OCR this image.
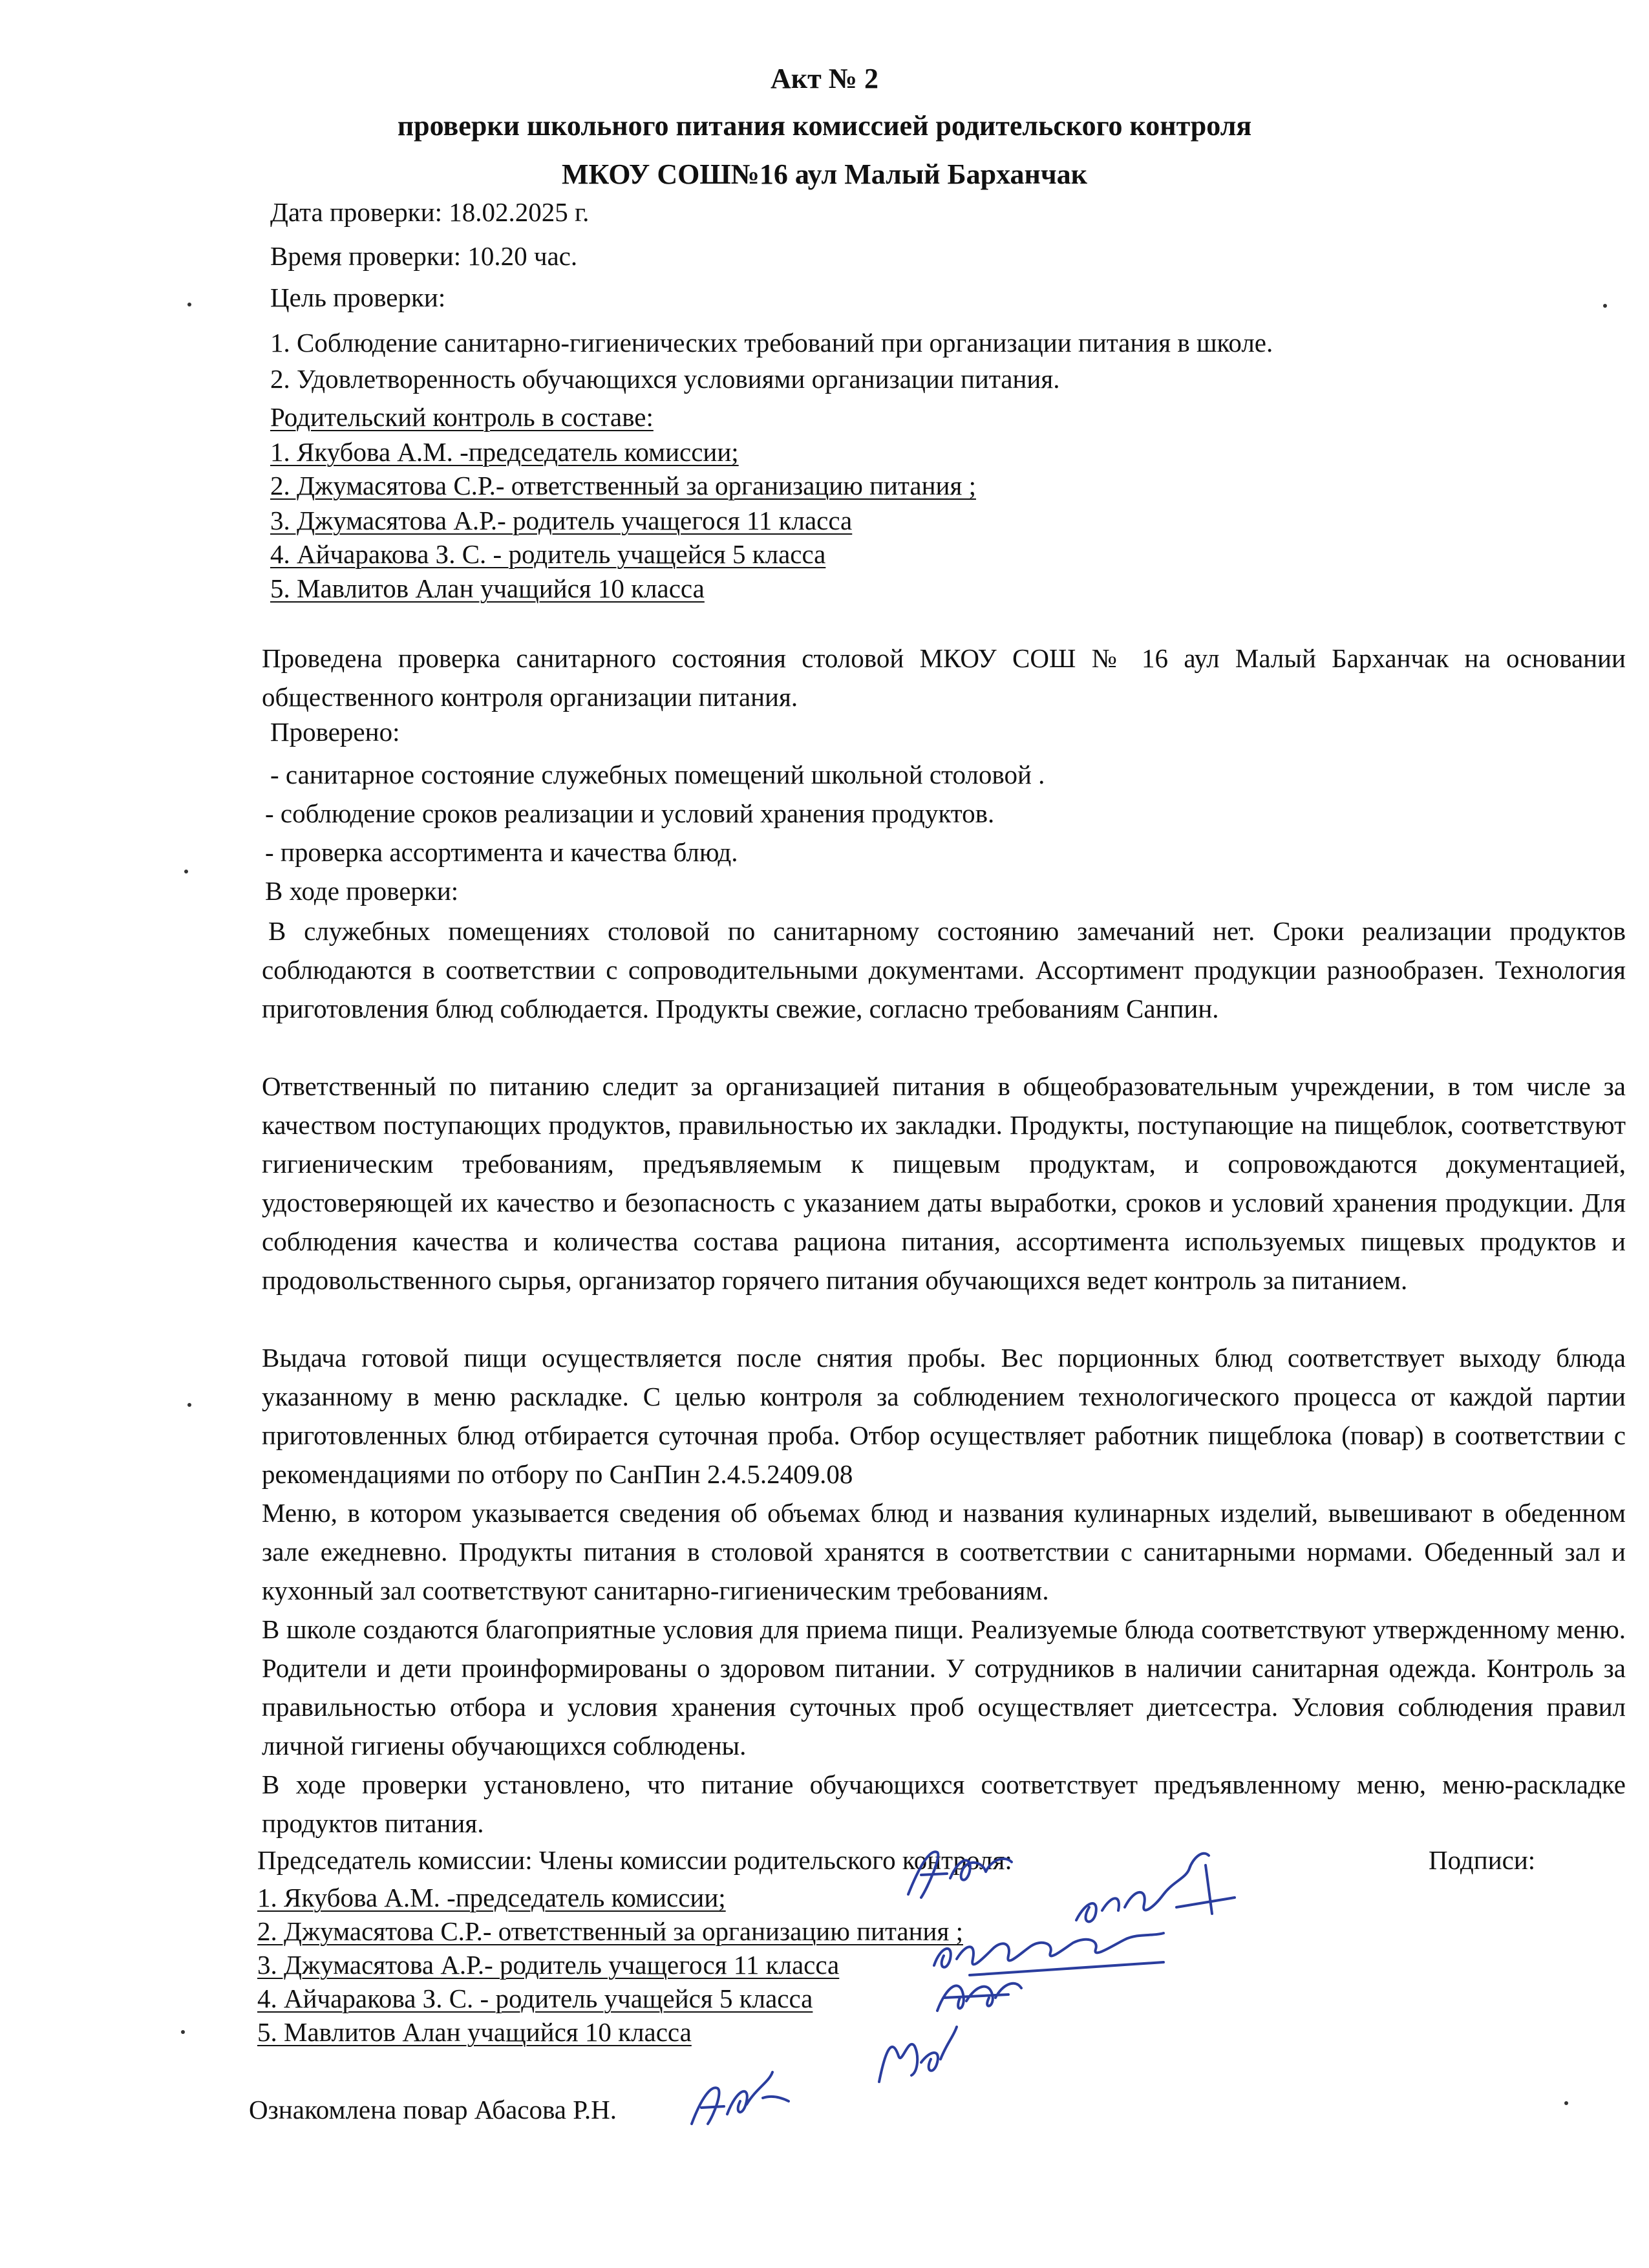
Акт № 2
проверки школьного питания комиссией родительского контроля
МКОУ СОШ№16 аул Малый Барханчак
Дата проверки: 18.02.2025 г.
Время проверки: 10.20 час.
Цель проверки:
1. Соблюдение санитарно-гигиенических требований при организации питания в школе.
2. Удовлетворенность обучающихся условиями организации питания.
Родительский контроль в составе:
1. Якубова А.М. -председатель комиссии;
2. Джумасятова С.Р.- ответственный за организацию питания ;
3. Джумасятова А.Р.- родитель учащегося 11 класса
4. Айчаракова З. С. - родитель учащейся 5 класса
5. Мавлитов Алан учащийся 10 класса
Проведена проверка санитарного состояния столовой МКОУ СОШ № 16 аул Малый Барханчак на основании общественного контроля организации питания.
Проверено:
- санитарное состояние служебных помещений школьной столовой .
- соблюдение сроков реализации и условий хранения продуктов.
- проверка ассортимента и качества блюд.
В ходе проверки:
В служебных помещениях столовой по санитарному состоянию замечаний нет. Сроки реализации продуктов соблюдаются в соответствии с сопроводительными документами. Ассортимент продукции разнообразен. Технология приготовления блюд соблюдается. Продукты свежие, согласно требованиям Санпин.
Ответственный по питанию следит за организацией питания в общеобразовательным учреждении, в том числе за качеством поступающих продуктов, правильностью их закладки. Продукты, поступающие на пищеблок, соответствуют гигиеническим требованиям, предъявляемым к пищевым продуктам, и сопровождаются документацией, удостоверяющей их качество и безопасность с указанием даты выработки, сроков и условий хранения продукции. Для соблюдения качества и количества состава рациона питания, ассортимента используемых пищевых продуктов и продовольственного сырья, организатор горячего питания обучающихся ведет контроль за питанием.
Выдача готовой пищи осуществляется после снятия пробы. Вес порционных блюд соответствует выходу блюда указанному в меню раскладке. С целью контроля за соблюдением технологического процесса от каждой партии приготовленных блюд отбирается суточная проба. Отбор осуществляет работник пищеблока (повар) в соответствии с рекомендациями по отбору по СанПин 2.4.5.2409.08
Меню, в котором указывается сведения об объемах блюд и названия кулинарных изделий, вывешивают в обеденном зале ежедневно. Продукты питания в столовой хранятся в соответствии с санитарными нормами. Обеденный зал и кухонный зал соответствуют санитарно-гигиеническим требованиям.
В школе создаются благоприятные условия для приема пищи. Реализуемые блюда соответствуют утвержденному меню. Родители и дети проинформированы о здоровом питании. У сотрудников в наличии санитарная одежда. Контроль за правильностью отбора и условия хранения суточных проб осуществляет диетсестра. Условия соблюдения правил личной гигиены обучающихся соблюдены.
В ходе проверки установлено, что питание обучающихся соответствует предъявленному меню, меню-раскладке продуктов питания.
Председатель комиссии: Члены комиссии родительского контроля:	Подписи:
1. Якубова А.М. -председатель комиссии;
2. Джумасятова С.Р.- ответственный за организацию питания ;
3. Джумасятова А.Р.- родитель учащегося 11 класса
4. Айчаракова З. С. - родитель учащейся 5 класса
5. Мавлитов Алан учащийся 10 класса
Ознакомлена повар Абасова Р.Н.
